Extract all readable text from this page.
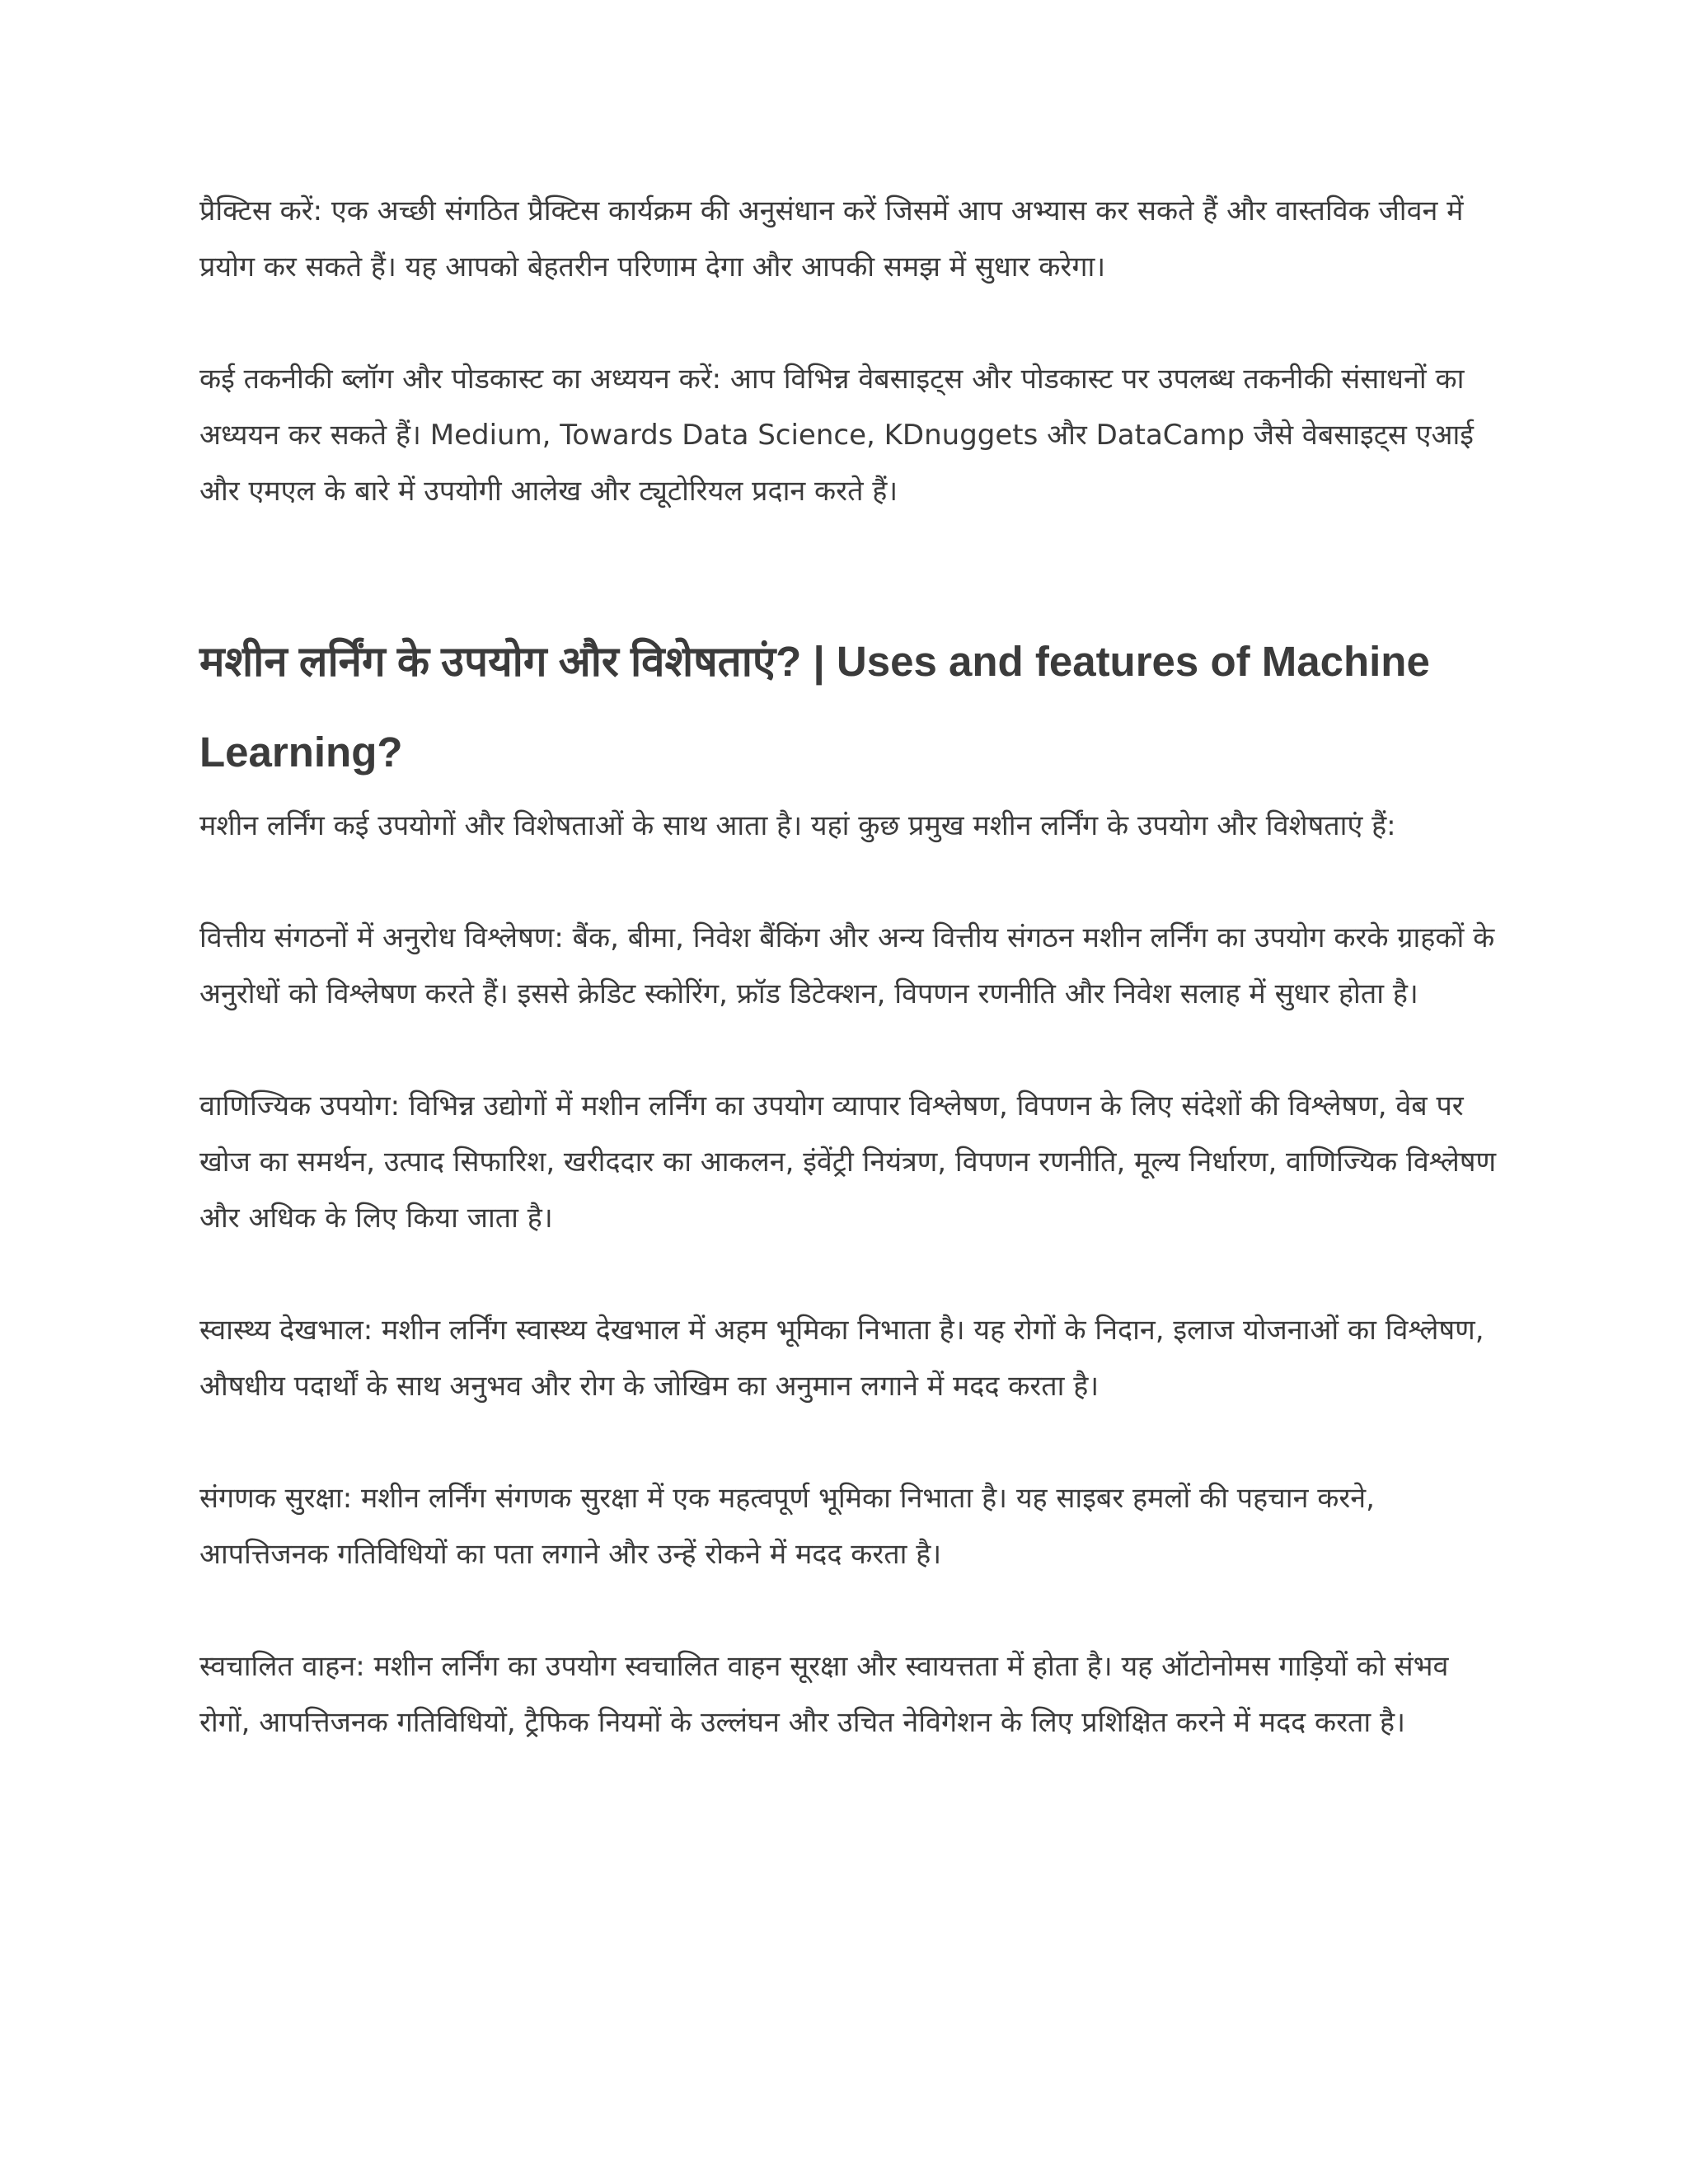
प्रैक्टिस करें: एक अच्छी संगठित प्रैक्टिस कार्यक्रम की अनुसंधान करें जिसमें आप अभ्यास कर सकते हैं और वास्तविक जीवन में प्रयोग कर सकते हैं। यह आपको बेहतरीन परिणाम देगा और आपकी समझ में सुधार करेगा।

कई तकनीकी ब्लॉग और पोडकास्ट का अध्ययन करें: आप विभिन्न वेबसाइट्स और पोडकास्ट पर उपलब्ध तकनीकी संसाधनों का अध्ययन कर सकते हैं। Medium, Towards Data Science, KDnuggets और DataCamp जैसे वेबसाइट्स एआई और एमएल के बारे में उपयोगी आलेख और ट्यूटोरियल प्रदान करते हैं।

मशीन लर्निंग के उपयोग और विशेषताएं? | Uses and features of Machine Learning?

मशीन लर्निंग कई उपयोगों और विशेषताओं के साथ आता है। यहां कुछ प्रमुख मशीन लर्निंग के उपयोग और विशेषताएं हैं:

वित्तीय संगठनों में अनुरोध विश्लेषण: बैंक, बीमा, निवेश बैंकिंग और अन्य वित्तीय संगठन मशीन लर्निंग का उपयोग करके ग्राहकों के अनुरोधों को विश्लेषण करते हैं। इससे क्रेडिट स्कोरिंग, फ्रॉड डिटेक्शन, विपणन रणनीति और निवेश सलाह में सुधार होता है।

वाणिज्यिक उपयोग: विभिन्न उद्योगों में मशीन लर्निंग का उपयोग व्यापार विश्लेषण, विपणन के लिए संदेशों की विश्लेषण, वेब पर खोज का समर्थन, उत्पाद सिफारिश, खरीददार का आकलन, इंवेंट्री नियंत्रण, विपणन रणनीति, मूल्य निर्धारण, वाणिज्यिक विश्लेषण और अधिक के लिए किया जाता है।

स्वास्थ्य देखभाल: मशीन लर्निंग स्वास्थ्य देखभाल में अहम भूमिका निभाता है। यह रोगों के निदान, इलाज योजनाओं का विश्लेषण, औषधीय पदार्थों के साथ अनुभव और रोग के जोखिम का अनुमान लगाने में मदद करता है।

संगणक सुरक्षा: मशीन लर्निंग संगणक सुरक्षा में एक महत्वपूर्ण भूमिका निभाता है। यह साइबर हमलों की पहचान करने, आपत्तिजनक गतिविधियों का पता लगाने और उन्हें रोकने में मदद करता है।

स्वचालित वाहन: मशीन लर्निंग का उपयोग स्वचालित वाहन सूरक्षा और स्वायत्तता में होता है। यह ऑटोनोमस गाड़ियों को संभव रोगों, आपत्तिजनक गतिविधियों, ट्रैफिक नियमों के उल्लंघन और उचित नेविगेशन के लिए प्रशिक्षित करने में मदद करता है।
